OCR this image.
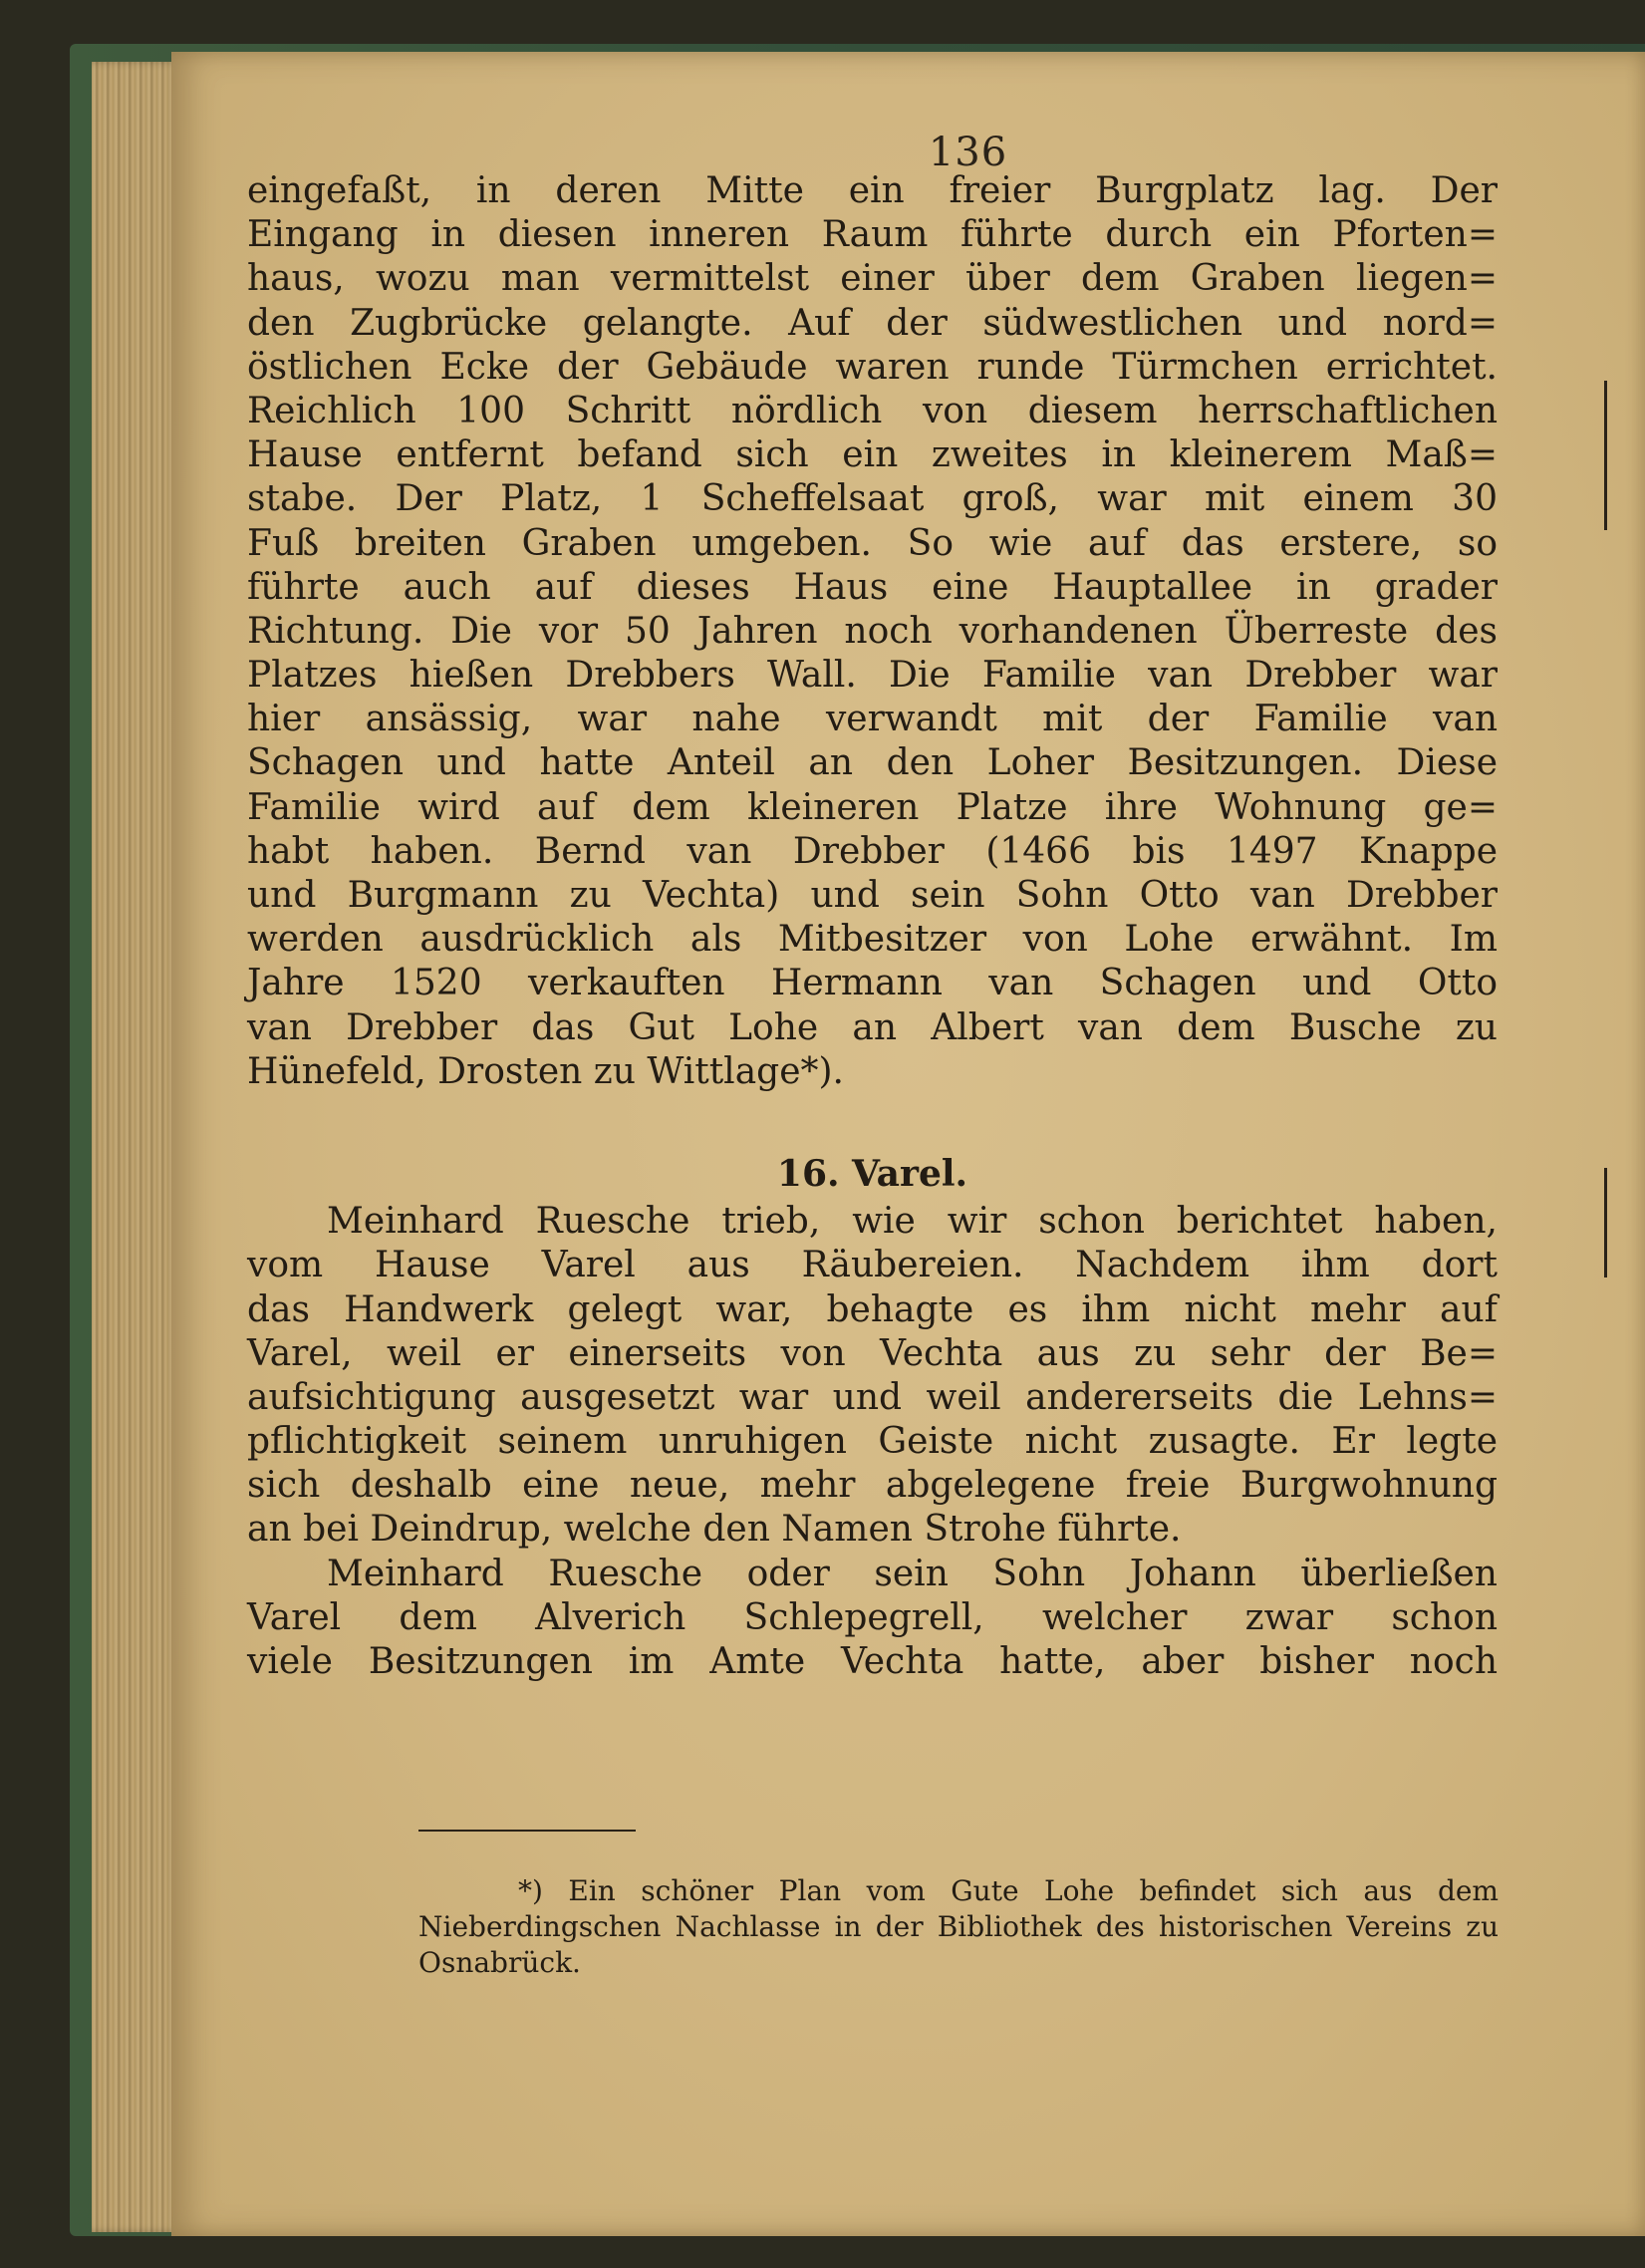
136
eingefaßt, in deren Mitte ein freier Burgplatz lag. Der
Eingang in diesen inneren Raum führte durch ein Pforten=
haus, wozu man vermittelst einer über dem Graben liegen=
den Zugbrücke gelangte. Auf der südwestlichen und nord=
östlichen Ecke der Gebäude waren runde Türmchen errichtet.
Reichlich 100 Schritt nördlich von diesem herrschaftlichen
Hause entfernt befand sich ein zweites in kleinerem Maß=
stabe. Der Platz, 1 Scheffelsaat groß, war mit einem 30
Fuß breiten Graben umgeben. So wie auf das erstere, so
führte auch auf dieses Haus eine Hauptallee in grader
Richtung. Die vor 50 Jahren noch vorhandenen Überreste des
Platzes hießen Drebbers Wall. Die Familie van Drebber war
hier ansässig, war nahe verwandt mit der Familie van
Schagen und hatte Anteil an den Loher Besitzungen. Diese
Familie wird auf dem kleineren Platze ihre Wohnung ge=
habt haben. Bernd van Drebber (1466 bis 1497 Knappe
und Burgmann zu Vechta) und sein Sohn Otto van Drebber
werden ausdrücklich als Mitbesitzer von Lohe erwähnt. Im
Jahre 1520 verkauften Hermann van Schagen und Otto
van Drebber das Gut Lohe an Albert van dem Busche zu
Hünefeld, Drosten zu Wittlage*).
16. Varel.
Meinhard Ruesche trieb, wie wir schon berichtet haben,
vom Hause Varel aus Räubereien. Nachdem ihm dort
das Handwerk gelegt war, behagte es ihm nicht mehr auf
Varel, weil er einerseits von Vechta aus zu sehr der Be=
aufsichtigung ausgesetzt war und weil andererseits die Lehns=
pflichtigkeit seinem unruhigen Geiste nicht zusagte. Er legte
sich deshalb eine neue, mehr abgelegene freie Burgwohnung
an bei Deindrup, welche den Namen Strohe führte.
Meinhard Ruesche oder sein Sohn Johann überließen
Varel dem Alverich Schlepegrell, welcher zwar schon
viele Besitzungen im Amte Vechta hatte, aber bisher noch
*) Ein schöner Plan vom Gute Lohe befindet sich aus dem
Nieberdingschen Nachlasse in der Bibliothek des historischen Vereins zu
Osnabrück.
